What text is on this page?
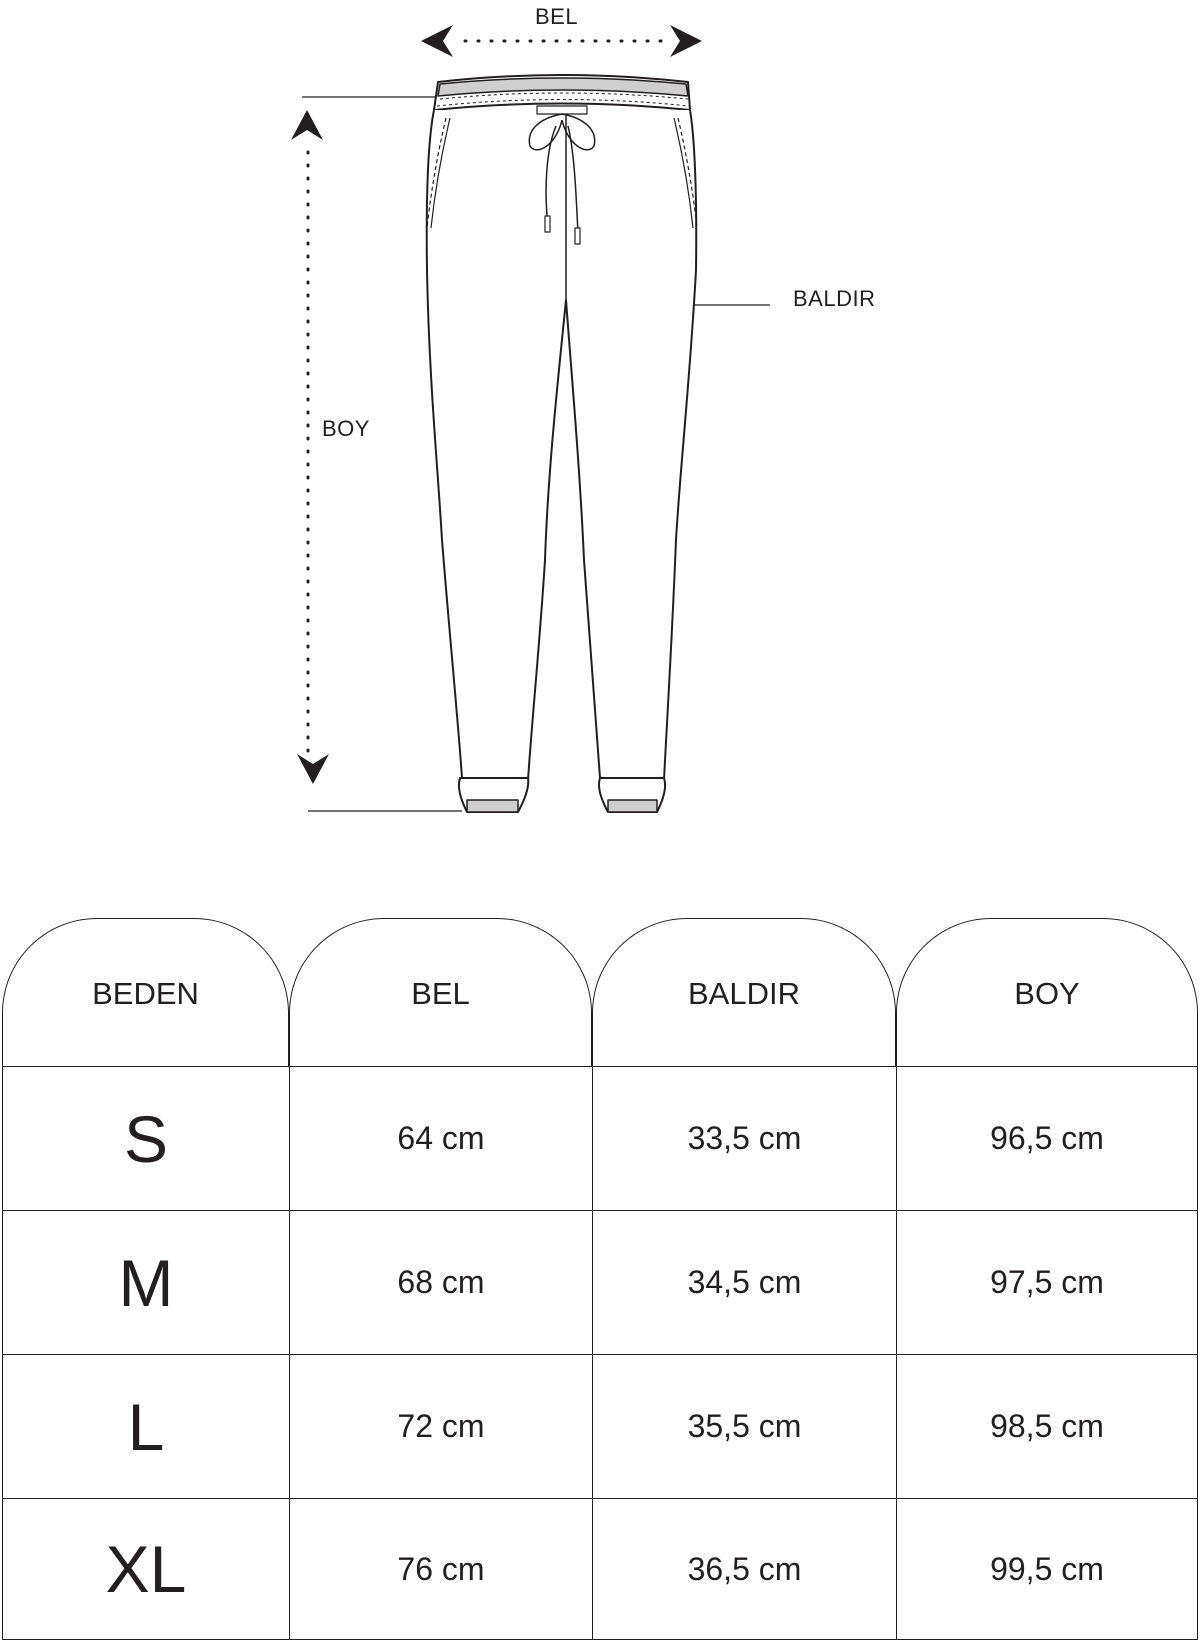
BEL
BALDIR
BOY
BEDEN	BEL	BALDIR	BOY
S	64 cm	33,5 cm	96,5 cm
M	68 cm	34,5 cm	97,5 cm
L	72 cm	35,5 cm	98,5 cm
XL	76 cm	36,5 cm	99,5 cm
